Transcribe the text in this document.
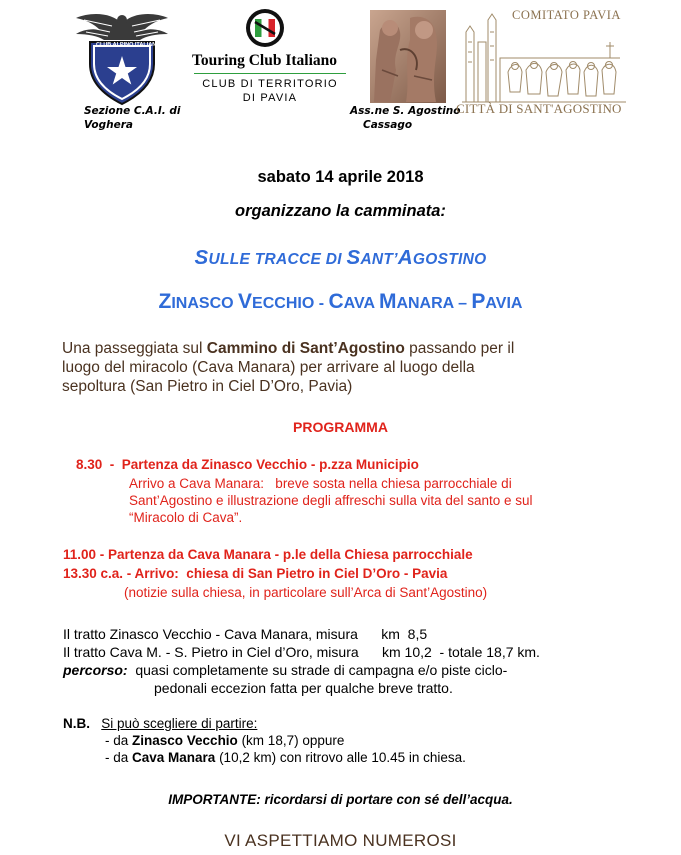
CLUB ALPINO ITALIANO
Sezione C.A.I. di
Voghera
Touring Club Italiano
CLUB DI TERRITORIO
DI PAVIA
Ass.ne S. Agostino
Cassago
COMITATO PAVIA
CITTÀ DI SANT'AGOSTINO
sabato 14 aprile 2018
organizzano la camminata:
SULLE TRACCE DI SANT’AGOSTINO
ZINASCO VECCHIO - CAVA MANARA – PAVIA
Una passeggiata sul Cammino di Sant’Agostino passando per il
luogo del miracolo (Cava Manara) per arrivare al luogo della
sepoltura (San Pietro in Ciel D’Oro, Pavia)
PROGRAMMA
8.30  -  Partenza da Zinasco Vecchio - p.zza Municipio
Arrivo a Cava Manara:   breve sosta nella chiesa parrocchiale di
Sant’Agostino e illustrazione degli affreschi sulla vita del santo e sul
“Miracolo di Cava”.
11.00 - Partenza da Cava Manara - p.le della Chiesa parrocchiale
13.30 c.a. - Arrivo:  chiesa di San Pietro in Ciel D’Oro - Pavia
(notizie sulla chiesa, in particolare sull’Arca di Sant’Agostino)
Il tratto Zinasco Vecchio - Cava Manara, misura      km  8,5
Il tratto Cava M. - S. Pietro in Ciel d’Oro, misura      km 10,2  - totale 18,7 km.
percorso:  quasi completamente su strade di campagna e/o piste ciclo-
pedonali eccezion fatta per qualche breve tratto.
N.B. Si può scegliere di partire:
- da Zinasco Vecchio (km 18,7) oppure
- da Cava Manara (10,2 km) con ritrovo alle 10.45 in chiesa.
IMPORTANTE: ricordarsi di portare con sé dell’acqua.
VI ASPETTIAMO NUMEROSI
